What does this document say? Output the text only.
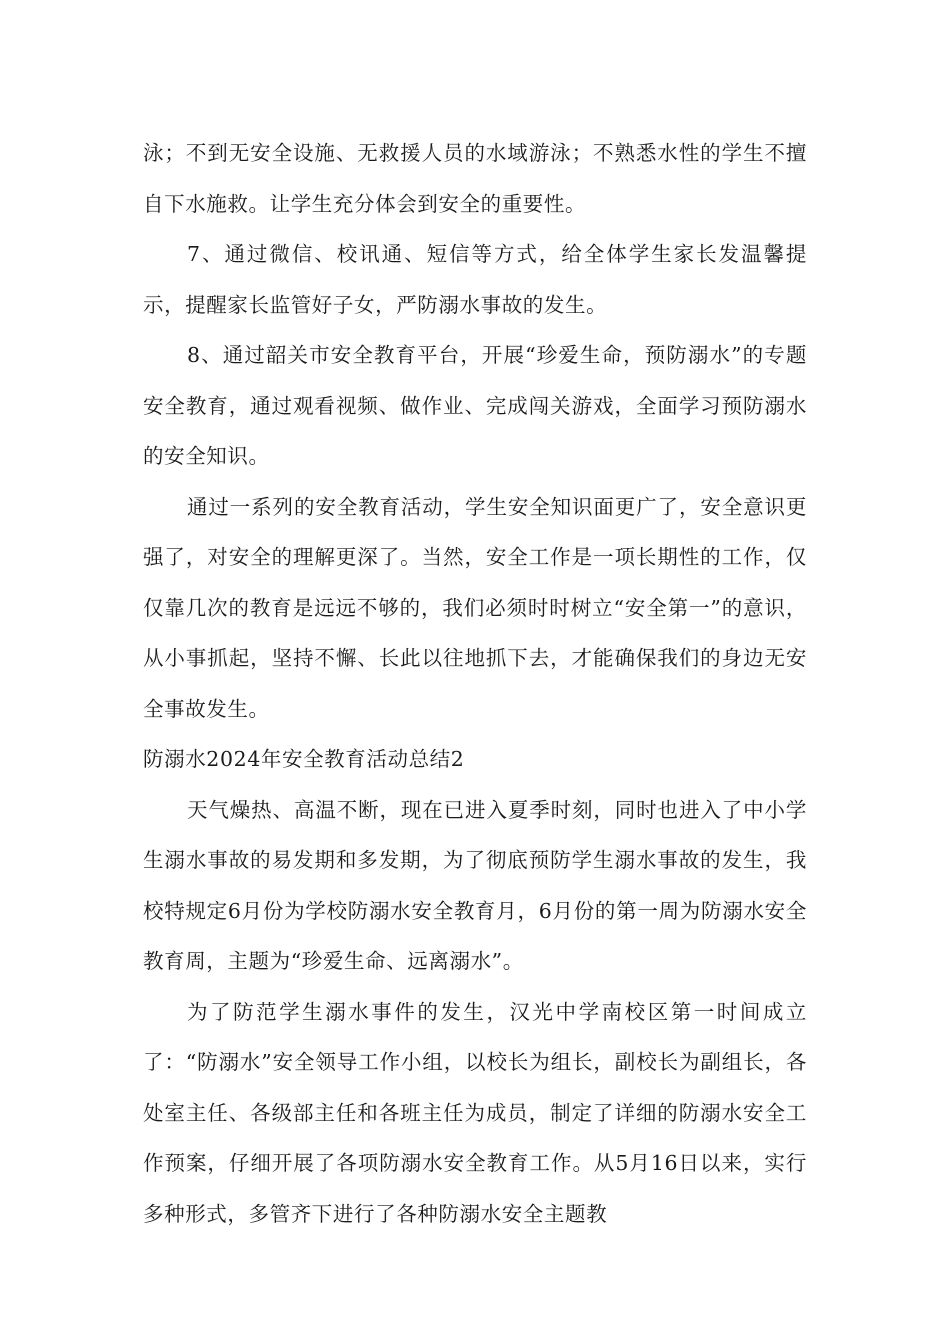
泳；不到无安全设施、无救援人员的水域游泳；不熟悉水性的学生不擅自下水施救。让学生充分体会到安全的重要性。

7、通过微信、校讯通、短信等方式，给全体学生家长发温馨提示，提醒家长监管好子女，严防溺水事故的发生。

8、通过韶关市安全教育平台，开展“珍爱生命，预防溺水”的专题安全教育，通过观看视频、做作业、完成闯关游戏，全面学习预防溺水的安全知识。

通过一系列的安全教育活动，学生安全知识面更广了，安全意识更强了，对安全的理解更深了。当然，安全工作是一项长期性的工作，仅仅靠几次的教育是远远不够的，我们必须时时树立“安全第一”的意识，从小事抓起，坚持不懈、长此以往地抓下去，才能确保我们的身边无安全事故发生。

防溺水2024年安全教育活动总结2

天气燥热、高温不断，现在已进入夏季时刻，同时也进入了中小学生溺水事故的易发期和多发期，为了彻底预防学生溺水事故的发生，我校特规定6月份为学校防溺水安全教育月，6月份的第一周为防溺水安全教育周，主题为“珍爱生命、远离溺水”。

为了防范学生溺水事件的发生，汉光中学南校区第一时间成立了：“防溺水”安全领导工作小组，以校长为组长，副校长为副组长，各处室主任、各级部主任和各班主任为成员，制定了详细的防溺水安全工作预案，仔细开展了各项防溺水安全教育工作。从5月16日以来，实行多种形式，多管齐下进行了各种防溺水安全主题教
